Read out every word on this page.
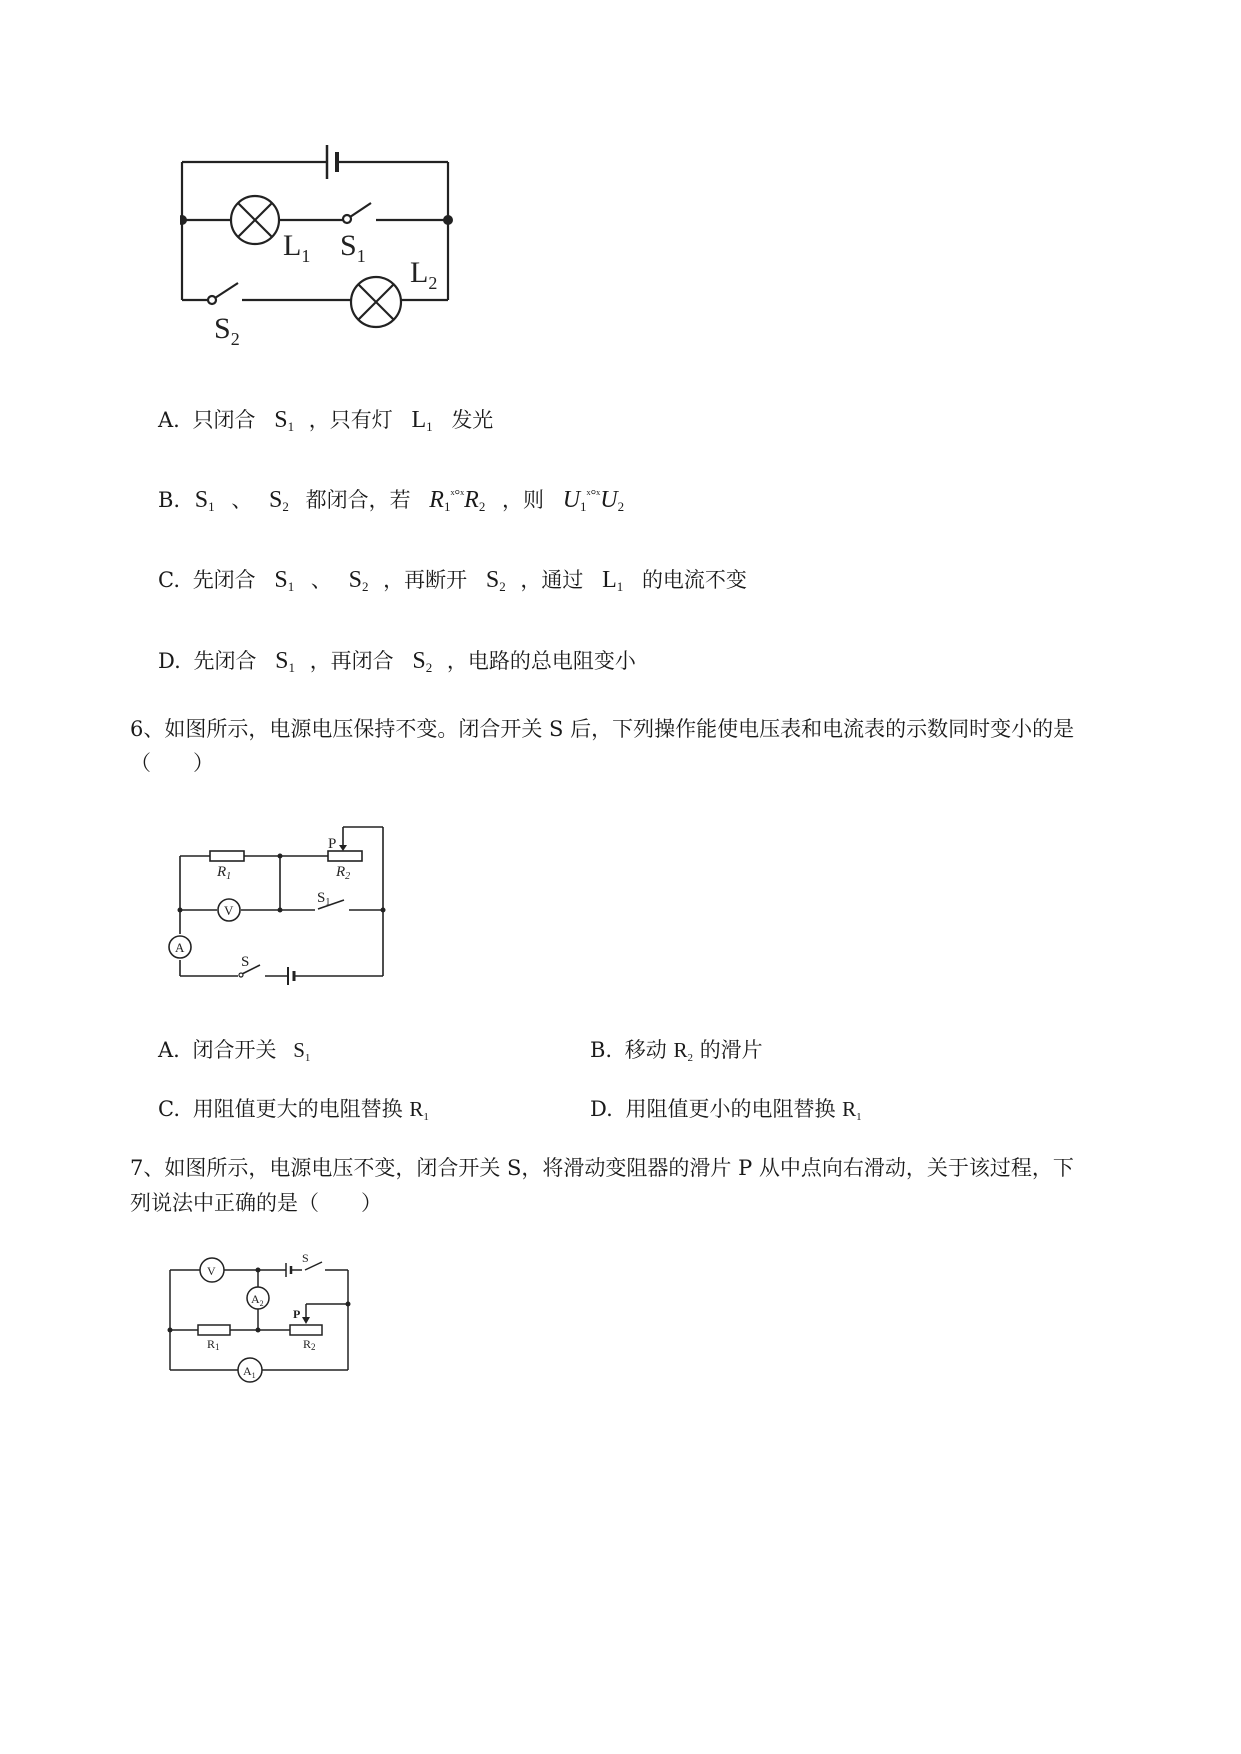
$L_1$ $S_1$ $L_2$
$S_2$
A. 只闭合 $S_1$ ，只有灯 $L_1$ 发光
B. $S_1$ 、 $S_2$ 都闭合，若 $R_1^{ˣ^\circ ˣ}R_2$ ，则 $U_1^{ˣ^\circ ˣ}U_2$
C. 先闭合 $S_1$ 、 $S_2$ ，再断开 $S_2$ ，通过 $L_1$ 的电流不变
D. 先闭合 $S_1$ ，再闭合 $S_2$ ，电路的总电阻变小
6、如图所示，电源电压保持不变。闭合开关 S 后，下列操作能使电压表和电流表的示数同时变小的是
（　　）
P
$R_1$	$R_2$
V
$S_1$
A
S
A. 闭合开关 $S_1$	B. 移动 $R_2$ 的滑片
C. 用阻值更大的电阻替换 $R_1$	D. 用阻值更小的电阻替换 $R_1$
7、如图所示，电源电压不变，闭合开关 S，将滑动变阻器的滑片 P 从中点向右滑动，关于该过程，下
列说法中正确的是（　　）
V
S
$A_2$
P
R1	R2
$A_1$
